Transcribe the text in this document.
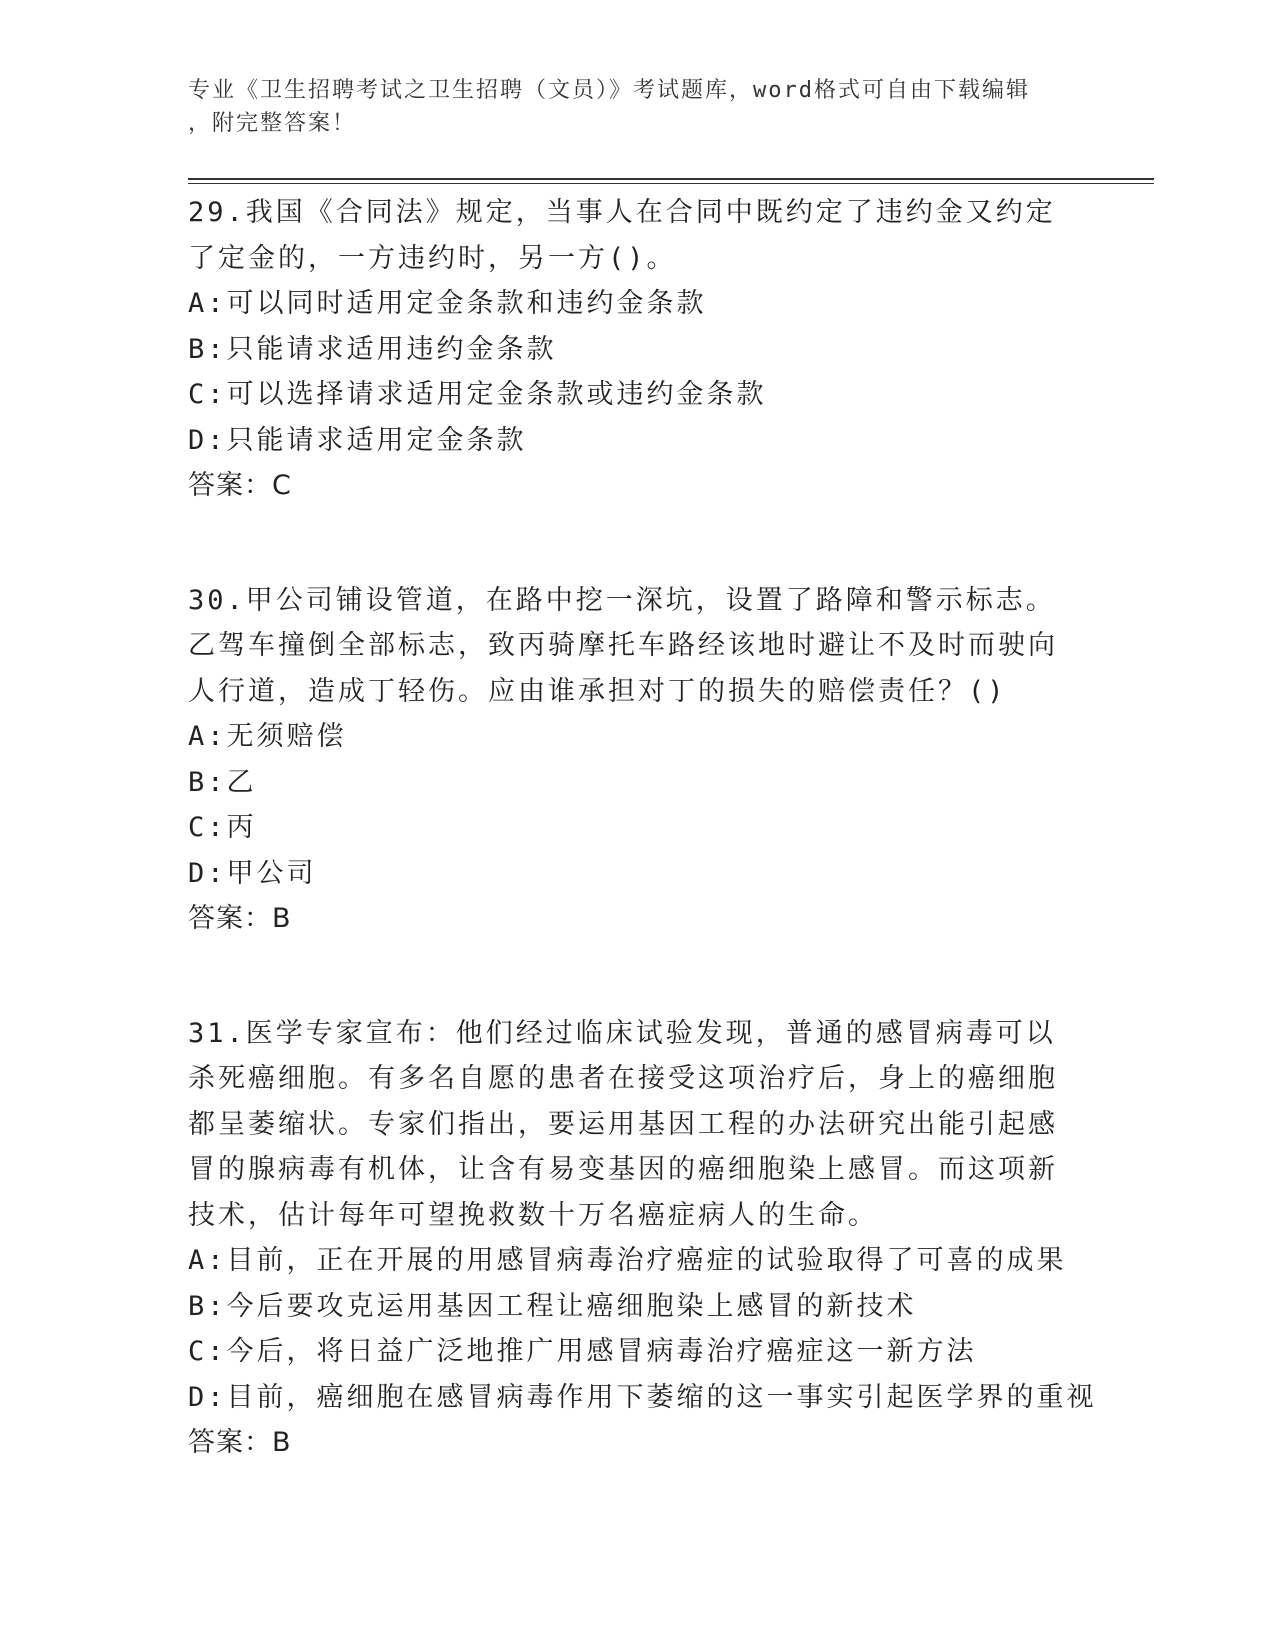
专业《卫生招聘考试之卫生招聘（文员）》考试题库，word格式可自由下载编辑

，附完整答案！

29.我国《合同法》规定，当事人在合同中既约定了违约金又约定了定金的，一方违约时，另一方()。

A:可以同时适用定金条款和违约金条款

B:只能请求适用违约金条款

C:可以选择请求适用定金条款或违约金条款

D:只能请求适用定金条款

答案：C

30.甲公司铺设管道，在路中挖一深坑，设置了路障和警示标志。乙驾车撞倒全部标志，致丙骑摩托车路经该地时避让不及时而驶向人行道，造成丁轻伤。应由谁承担对丁的损失的赔偿责任？()

A:无须赔偿

B:乙

C:丙

D:甲公司

答案：B

31.医学专家宣布：他们经过临床试验发现，普通的感冒病毒可以杀死癌细胞。有多名自愿的患者在接受这项治疗后，身上的癌细胞都呈萎缩状。专家们指出，要运用基因工程的办法研究出能引起感冒的腺病毒有机体，让含有易变基因的癌细胞染上感冒。而这项新技术，估计每年可望挽救数十万名癌症病人的生命。

A:目前，正在开展的用感冒病毒治疗癌症的试验取得了可喜的成果

B:今后要攻克运用基因工程让癌细胞染上感冒的新技术

C:今后，将日益广泛地推广用感冒病毒治疗癌症这一新方法

D:目前，癌细胞在感冒病毒作用下萎缩的这一事实引起医学界的重视

答案：B
